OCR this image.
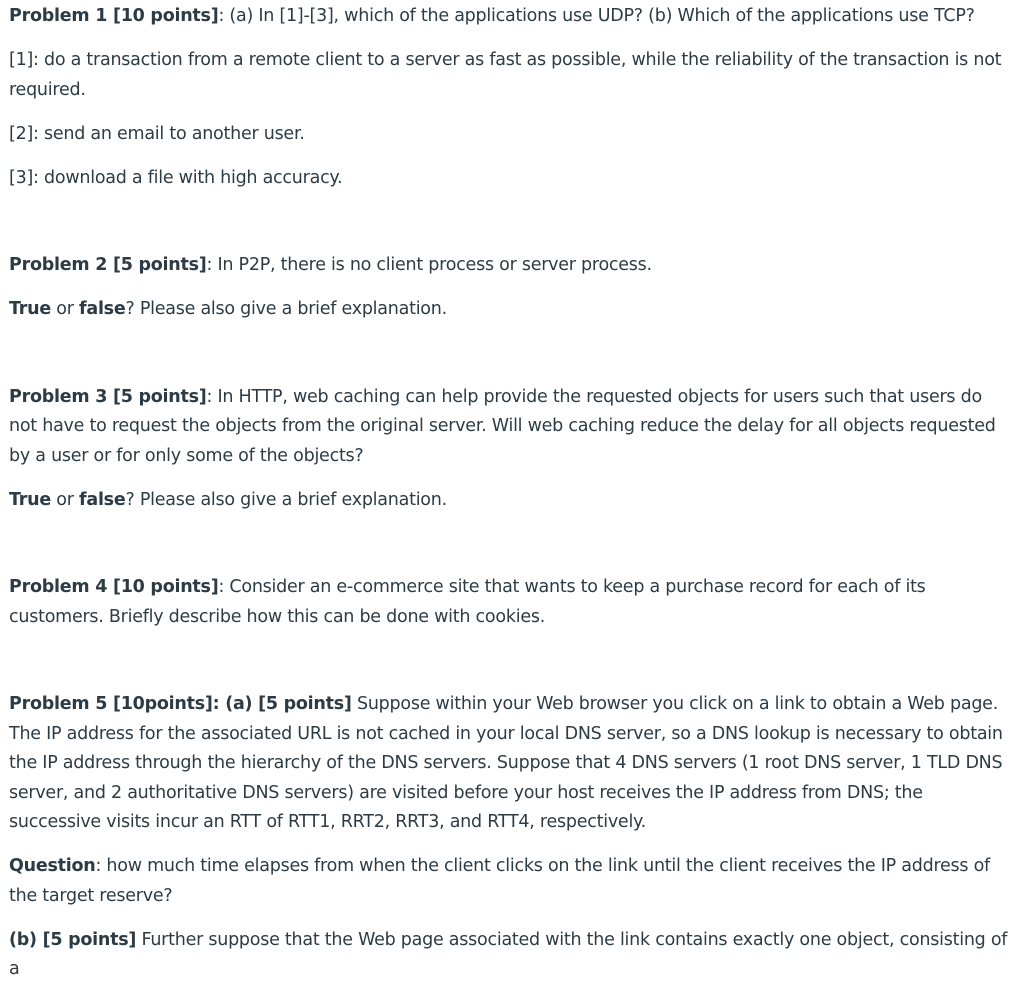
Problem 1 [10 points]: (a) In [1]-[3], which of the applications use UDP? (b) Which of the applications use TCP?

[1]: do a transaction from a remote client to a server as fast as possible, while the reliability of the transaction is not required.

[2]: send an email to another user.

[3]: download a file with high accuracy.

Problem 2 [5 points]: In P2P, there is no client process or server process.

True or false? Please also give a brief explanation.

Problem 3 [5 points]: In HTTP, web caching can help provide the requested objects for users such that users do not have to request the objects from the original server. Will web caching reduce the delay for all objects requested by a user or for only some of the objects?

True or false? Please also give a brief explanation.

Problem 4 [10 points]: Consider an e-commerce site that wants to keep a purchase record for each of its customers. Briefly describe how this can be done with cookies.

Problem 5 [10points]: (a) [5 points] Suppose within your Web browser you click on a link to obtain a Web page. The IP address for the associated URL is not cached in your local DNS server, so a DNS lookup is necessary to obtain the IP address through the hierarchy of the DNS servers. Suppose that 4 DNS servers (1 root DNS server, 1 TLD DNS server, and 2 authoritative DNS servers) are visited before your host receives the IP address from DNS; the successive visits incur an RTT of RTT1, RRT2, RRT3, and RTT4, respectively.

Question: how much time elapses from when the client clicks on the link until the client receives the IP address of the target reserve?

(b) [5 points] Further suppose that the Web page associated with the link contains exactly one object, consisting of a
